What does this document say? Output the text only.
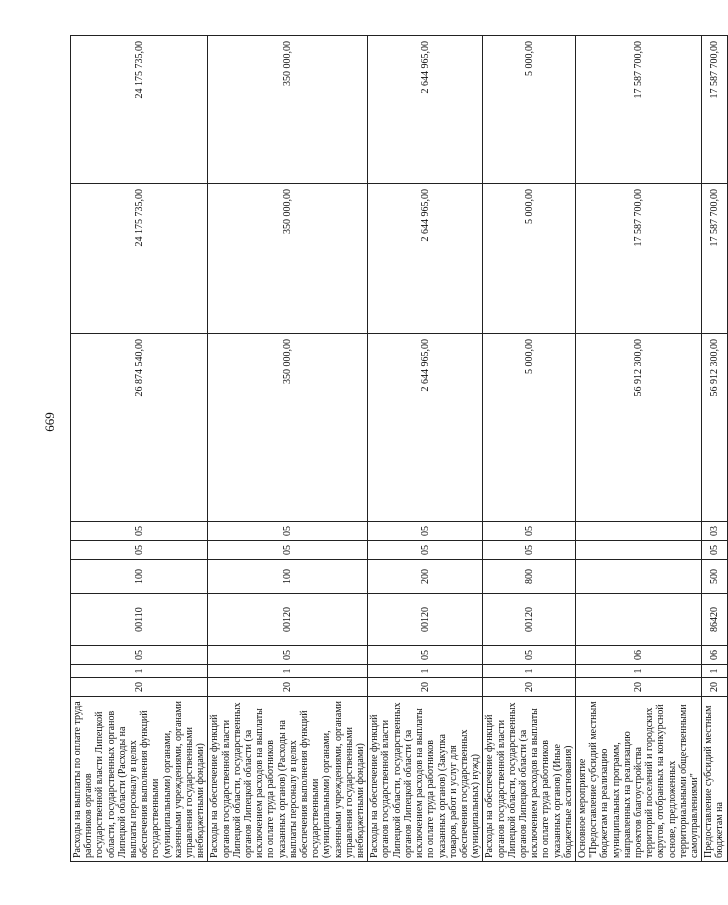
669
Расходы на выплаты по оплате труда работников органов государственной власти Липецкой области, государственных органов Липецкой области (Расходы на выплаты персоналу в целях обеспечения выполнения функций государственными (муниципальными) органами, казенными учреждениями, органами управления государственными внебюджетными фондами)	20	1	05	00110	100	05	05	26 874 540,00	24 175 735,00	24 175 735,00
Расходы на обеспечение функций органов государственной власти Липецкой области, государственных органов Липецкой области (за исключением расходов на выплаты по оплате труда работников указанных органов) (Расходы на выплаты персоналу в целях обеспечения выполнения функций государственными (муниципальными) органами, казенными учреждениями, органами управления государственными внебюджетными фондами)	20	1	05	00120	100	05	05	350 000,00	350 000,00	350 000,00
Расходы на обеспечение функций органов государственной власти Липецкой области, государственных органов Липецкой области (за исключением расходов на выплаты по оплате труда работников указанных органов) (Закупка товаров, работ и услуг для обеспечения государственных (муниципальных) нужд)	20	1	05	00120	200	05	05	2 644 965,00	2 644 965,00	2 644 965,00
Расходы на обеспечение функций органов государственной власти Липецкой области, государственных органов Липецкой области (за исключением расходов на выплаты по оплате труда работников указанных органов) (Иные бюджетные ассигнования)	20	1	05	00120	800	05	05	5 000,00	5 000,00	5 000,00
Основное мероприятие "Предоставление субсидий местным бюджетам на реализацию муниципальных программ, направленных на реализацию проектов благоустройства территорий поселений и городских округов, отобранных на конкурсной основе, предложенных территориальными общественными самоуправлениями"	20	1	06					56 912 300,00	17 587 700,00	17 587 700,00
Предоставление субсидий местным бюджетам на	20	1	06	86420	500	05	03	56 912 300,00	17 587 700,00	17 587 700,00
